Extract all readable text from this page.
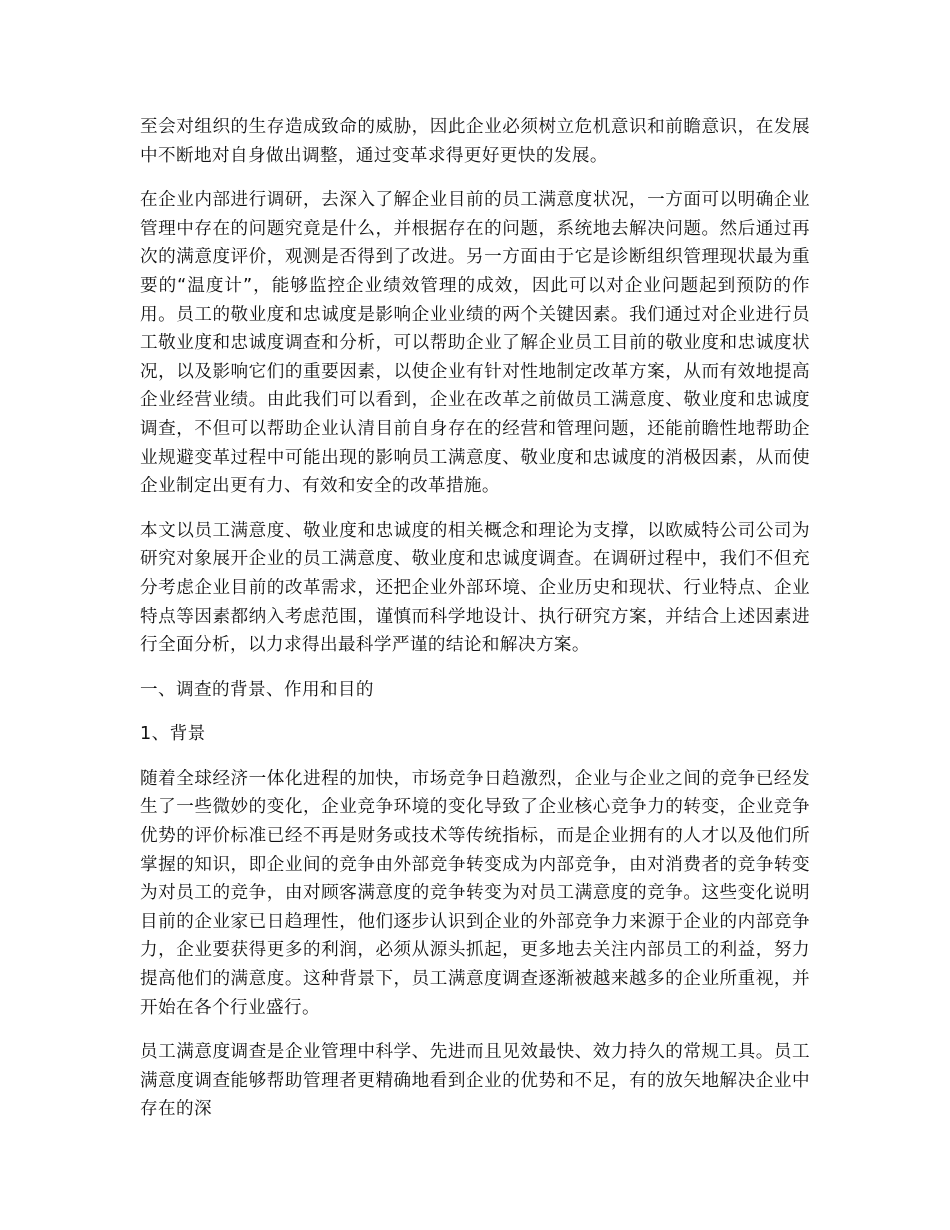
至会对组织的生存造成致命的威胁，因此企业必须树立危机意识和前瞻意识，在发展中不断地对自身做出调整，通过变革求得更好更快的发展。

在企业内部进行调研，去深入了解企业目前的员工满意度状况，一方面可以明确企业管理中存在的问题究竟是什么，并根据存在的问题，系统地去解决问题。然后通过再次的满意度评价，观测是否得到了改进。另一方面由于它是诊断组织管理现状最为重要的“温度计”，能够监控企业绩效管理的成效，因此可以对企业问题起到预防的作用。员工的敬业度和忠诚度是影响企业业绩的两个关键因素。我们通过对企业进行员工敬业度和忠诚度调查和分析，可以帮助企业了解企业员工目前的敬业度和忠诚度状况，以及影响它们的重要因素，以使企业有针对性地制定改革方案，从而有效地提高企业经营业绩。由此我们可以看到，企业在改革之前做员工满意度、敬业度和忠诚度调查，不但可以帮助企业认清目前自身存在的经营和管理问题，还能前瞻性地帮助企业规避变革过程中可能出现的影响员工满意度、敬业度和忠诚度的消极因素，从而使企业制定出更有力、有效和安全的改革措施。

本文以员工满意度、敬业度和忠诚度的相关概念和理论为支撑，以欧威特公司公司为研究对象展开企业的员工满意度、敬业度和忠诚度调查。在调研过程中，我们不但充分考虑企业目前的改革需求，还把企业外部环境、企业历史和现状、行业特点、企业特点等因素都纳入考虑范围，谨慎而科学地设计、执行研究方案，并结合上述因素进行全面分析，以力求得出最科学严谨的结论和解决方案。

一、调查的背景、作用和目的
1、背景

随着全球经济一体化进程的加快，市场竞争日趋激烈，企业与企业之间的竞争已经发生了一些微妙的变化，企业竞争环境的变化导致了企业核心竞争力的转变，企业竞争优势的评价标准已经不再是财务或技术等传统指标，而是企业拥有的人才以及他们所掌握的知识，即企业间的竞争由外部竞争转变成为内部竞争，由对消费者的竞争转变为对员工的竞争，由对顾客满意度的竞争转变为对员工满意度的竞争。这些变化说明目前的企业家已日趋理性，他们逐步认识到企业的外部竞争力来源于企业的内部竞争力，企业要获得更多的利润，必须从源头抓起，更多地去关注内部员工的利益，努力提高他们的满意度。这种背景下，员工满意度调查逐渐被越来越多的企业所重视，并开始在各个行业盛行。

员工满意度调查是企业管理中科学、先进而且见效最快、效力持久的常规工具。员工满意度调查能够帮助管理者更精确地看到企业的优势和不足，有的放矢地解决企业中存在的深
